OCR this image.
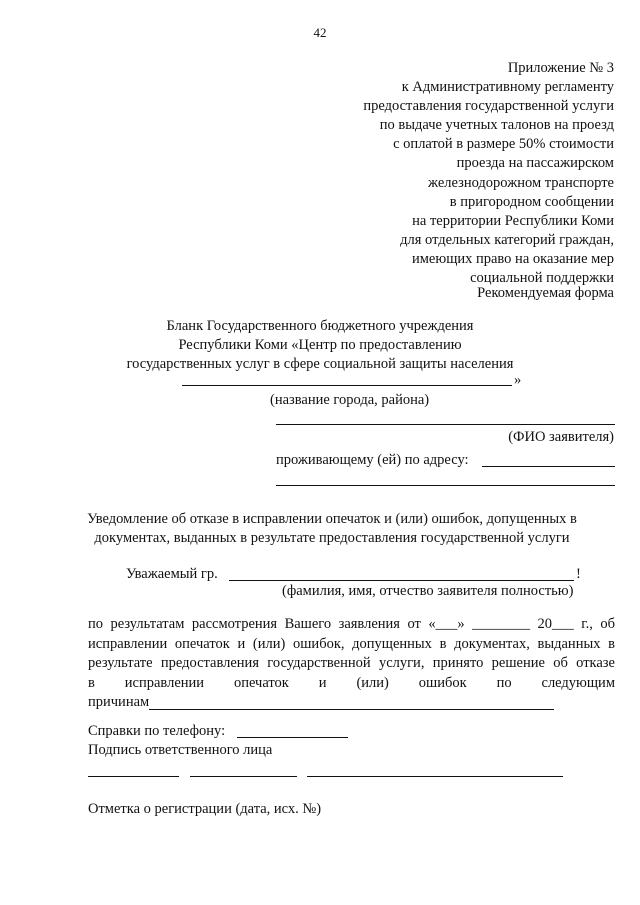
42
Приложение № 3
к Административному регламенту
предоставления государственной услуги
по выдаче учетных талонов на проезд
с оплатой в размере 50% стоимости
проезда на пассажирском
железнодорожном транспорте
в пригородном сообщении
на территории Республики Коми
для отдельных категорий граждан,
имеющих право на оказание мер
социальной поддержки
Рекомендуемая форма
Бланк Государственного бюджетного учреждения
Республики Коми «Центр по предоставлению
государственных услуг в сфере социальной защиты населения
»
(название города, района)
(ФИО заявителя)
проживающему (ей) по адресу:
Уведомление об отказе в исправлении опечаток и (или) ошибок, допущенных в
документах, выданных в результате предоставления государственной услуги
Уважаемый гр.	!
(фамилия, имя, отчество заявителя полностью)
по результатам рассмотрения Вашего заявления от «___» ________ 20___ г., об
исправлении опечаток и (или) ошибок, допущенных в документах, выданных в
результате предоставления государственной услуги, принято решение об отказе
в исправлении опечаток и (или) ошибок по следующим
причинам
Справки по телефону:
Подпись ответственного лица
Отметка о регистрации (дата, исх. №)
